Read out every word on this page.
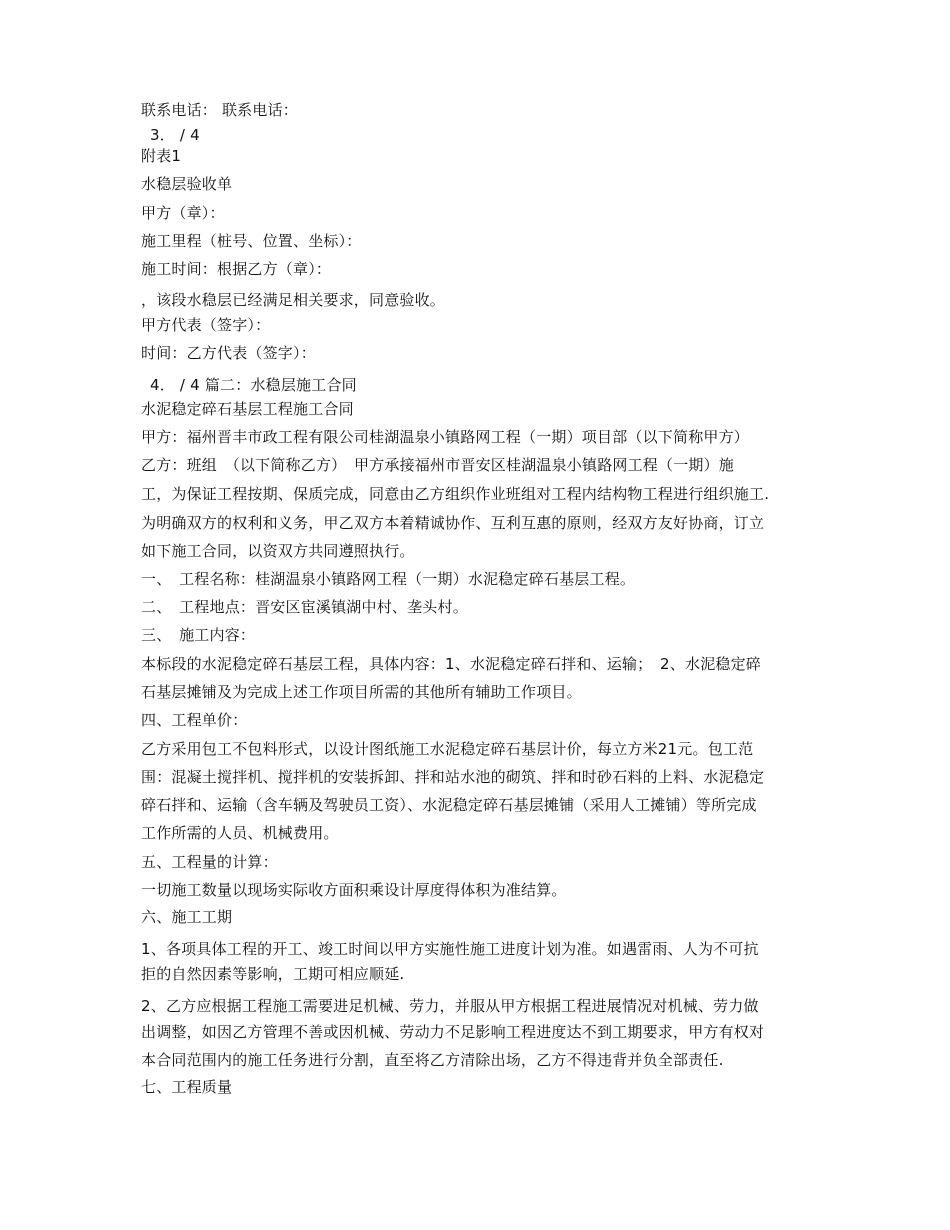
联系电话： 联系电话：
3． / 4
附表1
水稳层验收单
甲方（章）：
施工里程（桩号、位置、坐标）：
施工时间：根据乙方（章）：
，该段水稳层已经满足相关要求，同意验收。
甲方代表（签字）：
时间：乙方代表（签字）：
4． / 4 篇二：水稳层施工合同
水泥稳定碎石基层工程施工合同
甲方：福州晋丰市政工程有限公司桂湖温泉小镇路网工程（一期）项目部（以下简称甲方）
乙方：班组　（以下简称乙方）　甲方承接福州市晋安区桂湖温泉小镇路网工程（一期）施
工，为保证工程按期、保质完成，同意由乙方组织作业班组对工程内结构物工程进行组织施工.
为明确双方的权利和义务，甲乙双方本着精诚协作、互利互惠的原则，经双方友好协商，订立
如下施工合同，以资双方共同遵照执行。
一、　工程名称：桂湖温泉小镇路网工程（一期）水泥稳定碎石基层工程。
二、　工程地点：晋安区宦溪镇湖中村、垄头村。
三、　施工内容：
本标段的水泥稳定碎石基层工程，具体内容：1、水泥稳定碎石拌和、运输；　2、水泥稳定碎
石基层摊铺及为完成上述工作项目所需的其他所有辅助工作项目。
四、工程单价：
乙方采用包工不包料形式，以设计图纸施工水泥稳定碎石基层计价，每立方米21元。包工范
围：混凝土搅拌机、搅拌机的安装拆卸、拌和站水池的砌筑、拌和时砂石料的上料、水泥稳定
碎石拌和、运输（含车辆及驾驶员工资）、水泥稳定碎石基层摊铺（采用人工摊铺）等所完成
工作所需的人员、机械费用。
五、工程量的计算：
一切施工数量以现场实际收方面积乘设计厚度得体积为准结算。
六、施工工期
1、各项具体工程的开工、竣工时间以甲方实施性施工进度计划为准。如遇雷雨、人为不可抗
拒的自然因素等影响，工期可相应顺延.
2、乙方应根据工程施工需要进足机械、劳力，并服从甲方根据工程进展情况对机械、劳力做
出调整，如因乙方管理不善或因机械、劳动力不足影响工程进度达不到工期要求，甲方有权对
本合同范围内的施工任务进行分割，直至将乙方清除出场，乙方不得违背并负全部责任.
七、工程质量
